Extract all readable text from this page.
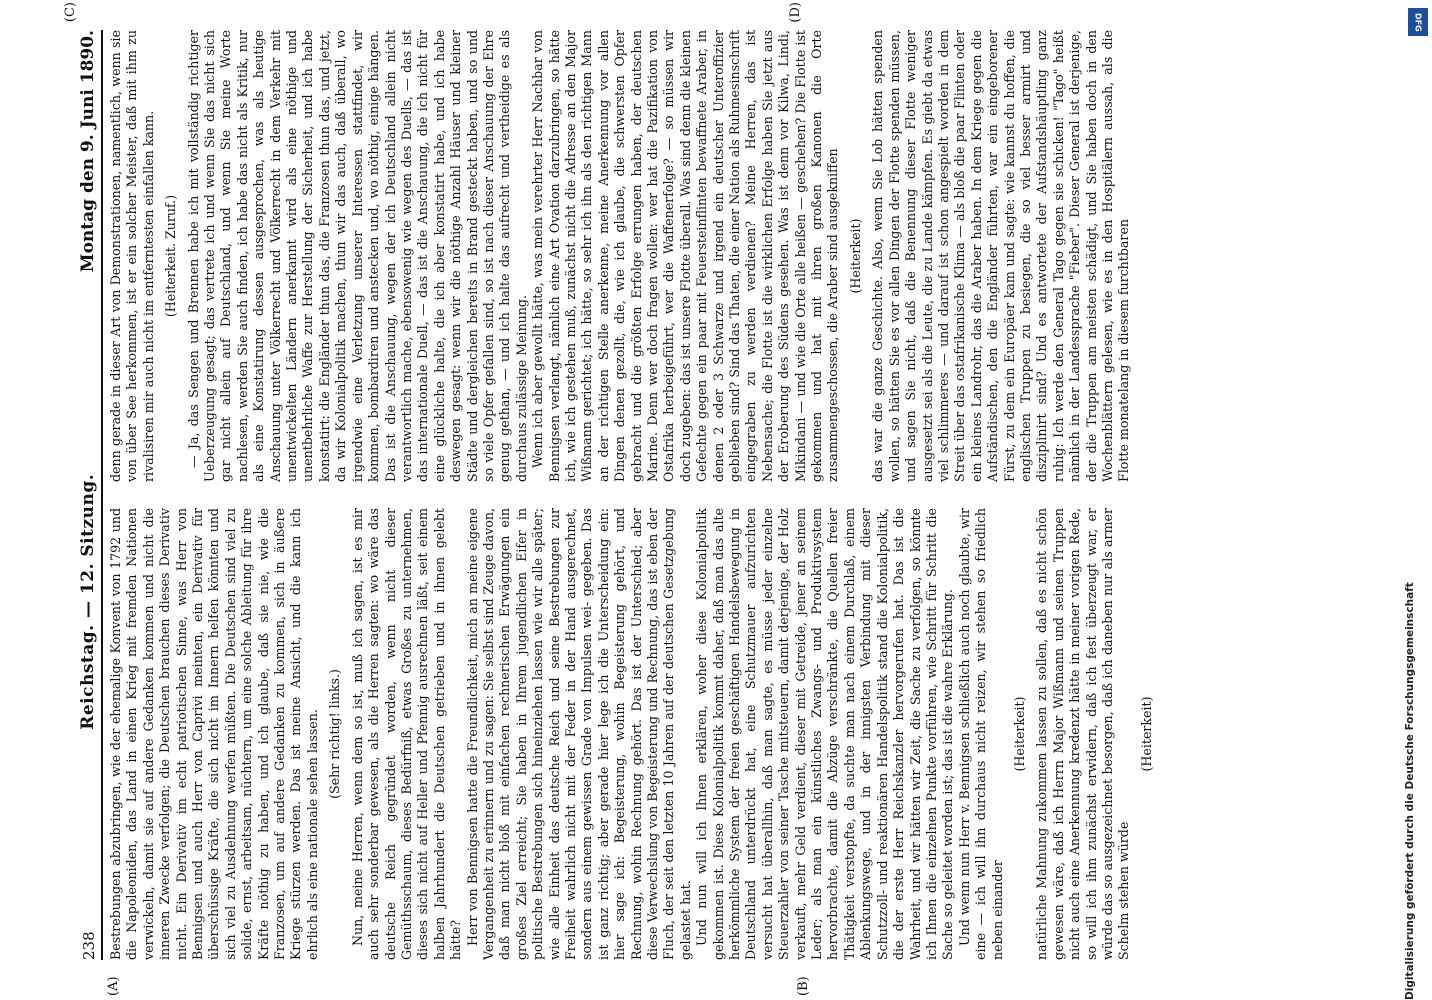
238
Reichstag. — 12. Sitzung.
Montag den 9. Juni 1890.

Bestrebungen abzubringen, wie der ehemalige Konvent von 1792 und die Napoleoniden, das Land in einen Krieg mit fremden Nationen verwickeln, damit sie auf andere Gedanken kommen und nicht die inneren Zwecke verfolgen; die Deutschen brauchen dieses Derivativ nicht. Ein Derivativ im echt patriotischen Sinne, was Herr von Bennigsen und auch Herr von Caprivi meinten, ein Derivativ für überschüssige Kräfte, die sich nicht im Innern helfen könnten und sich viel zu Ausdehnung werfen müßten. Die Deutschen sind viel zu solide, ernst, arbeitsam, nüchtern, um eine solche Ableitung für ihre Kräfte nöthig zu haben, und ich glaube, daß sie nie, wie die Franzosen, um auf andere Gedanken zu kommen, sich in äußere Kriege stürzen werden. Das ist meine Ansicht, und die kann ich ehrlich als eine nationale sehen lassen. (Sehr richtig! links.) Nun, meine Herren, wenn dem so ist, muß ich sagen, ist es mir auch sehr sonderbar gewesen, als die Herren sagten: wo wäre das deutsche Reich gegründet worden, wenn nicht dieser Gemüthsschaum, dieses Bedürfniß, etwas Großes zu unternehmen, dieses sich nicht auf Heller und Pfennig ausrechnen läßt, seit einem halben Jahrhundert die Deutschen getrieben und in ihnen gelebt hätte? Herr von Bennigsen hatte die Freundlichkeit, mich an meine eigene Vergangenheit zu erinnern und zu sagen: Sie selbst sind Zeuge davon, daß man nicht bloß mit einfachen rechnerischen Erwägungen ein großes Ziel erreicht; Sie haben in Ihrem jugendlichen Eifer in politische Bestrebungen sich hineinziehen lassen wie wir alle später; wie alle Einheit das deutsche Reich und seine Bestrebungen zur Freiheit wahrlich nicht mit der Feder in der Hand ausgerechnet, sondern aus einem gewissen Grade von Impulsen wei- gegeben. Das ist ganz richtig; aber gerade hier lege ich die Unterscheidung ein: hier sage ich: Begeisterung, wohin Begeisterung gehört, und Rechnung, wohin Rechnung gehört. Das ist der Unterschied; aber diese Verwechslung von Begeisterung und Rechnung, das ist eben der Fluch, der seit den letzten 10 Jahren auf der deutschen Gesetzgebung gelastet hat. Und nun will ich Ihnen erklären, woher diese Kolonialpolitik gekommen ist. Diese Kolonialpolitik kommt daher, daß man das alte herkömmliche System der freien geschäftigen Handelsbewegung in Deutschland unterdrückt hat, eine Schutzmauer aufzurichten versucht hat überallhin, daß man sagte, es müsse jeder einzelne Steuerzahler von seiner Tasche mitsteuern, damit derjenige, der Holz verkauft, mehr Geld verdient, dieser mit Getreide, jener an seinem Leder; als man ein künstliches Zwangs- und Produktivsystem hervorbrachte, damit die Abzüge verschränkte, die Quellen freier Thätigkeit verstopfte, da suchte man nach einem Durchlaß, einem Ablenkungswege, und in der innigsten Verbindung mit dieser Schutzzoll- und reaktionären Handelspolitik stand die Kolonialpolitik, die der erste Herr Reichskanzler hervorgerufen hat. Das ist die Wahrheit, und wir hätten wir Zeit, die Sache zu verfolgen, so könnte ich Ihnen die einzelnen Punkte vorführen, wie Schritt für Schritt die Sache so geleitet worden ist; das ist die wahre Erklärung. Und wenn nun Herr v. Bennigsen schließlich auch noch glaubte, wir eine — ich will ihn durchaus nicht reizen, wir stehen so friedlich neben einander

(Heiterkeit) natürliche Mahnung zukommen lassen zu sollen, daß es nicht schön gewesen wäre, daß ich Herrn Major Wißmann und seinen Truppen nicht auch eine Anerkennung kredenzt hätte in meiner vorigen Rede, so will ich ihm zunächst erwidern, daß ich fest überzeugt war, er würde das so ausgezeichnet besorgen, daß ich daneben nur als armer Schelm stehen würde

(Heiterkeit)

denn gerade in dieser Art von Demonstrationen, namentlich, wenn sie von über See herkommen, ist er ein solcher Meister, daß mit ihm zu rivalisiren mir auch nicht im entferntesten einfallen kann. (Heiterkeit. Zuruf.) — Ja, das Sengen und Brennen habe ich mit vollständig richtiger Ueberzeugung gesagt; das vertrete ich und wenn Sie das nicht sich gar nicht allein auf Deutschland, und wenn Sie meine Worte nachlesen, werden Sie auch finden, ich habe das nicht als Kritik, nur als eine Konstatirung dessen ausgesprochen, was als heutige Anschauung unter Völkerrecht und Völkerrecht in dem Verkehr mit unentwickelten Ländern anerkannt wird als eine nöthige und unentbehrliche Waffe zur Herstellung der Sicherheit, und ich habe konstatirt: die Engländer thun das, die Franzosen thun das, und jetzt, da wir Kolonialpolitik machen, thun wir das auch, daß überall, wo irgendwie eine Verletzung unserer Interessen stattfindet, wir kommen, bombardiren und anstecken und, wo nöthig, einige hängen. Das ist die Anschauung, wegen der ich Deutschland allein nicht verantwortlich mache, ebensowenig wie wegen des Duells, — das ist das internationale Duell, — das ist die Anschauung, die ich nicht für eine glückliche halte, die ich aber konstatirt habe, und ich habe deswegen gesagt: wenn wir die nöthige Anzahl Häuser und kleiner Städte und dergleichen bereits in Brand gesteckt haben, und so und so viele Opfer gefallen sind, so ist nach dieser Anschauung der Ehre genug gethan, — und ich halte das aufrecht und vertheidige es als durchaus zulässige Meinung. Wenn ich aber gewollt hätte, was mein verehrter Herr Nachbar von Bennigsen verlangt, nämlich eine Art Ovation darzubringen, so hätte ich, wie ich gestehen muß, zunächst nicht die Adresse an den Major Wißmann gerichtet; ich hätte, so sehr ich ihn als den richtigen Mann an der richtigen Stelle anerkenne, meine Anerkennung vor allen Dingen denen gezollt, die, wie ich glaube, die schwersten Opfer gebracht und die größten Erfolge errungen haben, der deutschen Marine. Denn wer doch fragen wollen: wer hat die Pazifikation von Ostafrika herbeigeführt, wer die Waffenerfolge? — so müssen wir doch zugeben: das ist unsere Flotte überall. Was sind denn die kleinen Gefechte gegen ein paar mit Feuersteinflinten bewaffnete Araber, in denen 2 oder 3 Schwarze und irgend ein deutscher Unteroffizier geblieben sind? Sind das Thaten, die einer Nation als Ruhmesinschrift eingegraben zu werden verdienen? Meine Herren, das ist Nebensache; die Flotte ist die wirklichen Erfolge haben Sie jetzt aus der Eroberung des Südens gesehen. Was ist denn vor Kilwa, Lindi, Mikindani — und wie die Orte alle heißen — geschehen? Die Flotte ist gekommen und hat mit ihren großen Kanonen die Orte zusammengeschossen, die Araber sind ausgekniffen (Heiterkeit) das war die ganze Geschichte. Also, wenn Sie Lob hätten spenden wollen, so hätten Sie es vor allen Dingen der Flotte spenden müssen, und sagen Sie nicht, daß die Benennung dieser Flotte weniger ausgesetzt sei als die Leute, die zu Lande kämpfen. Es giebt da etwas viel schlimmeres — und darauf ist schon angespielt worden in dem Streit über das ostafrikanische Klima — als bloß die paar Flinten oder ein kleines Landrohr, das die Araber haben. In dem Kriege gegen die Aufständischen, den die Engländer führten, war ein eingeborener Fürst, zu dem ein Europäer kam und sagte: wie kannst du hoffen, die englischen Truppen zu besiegen, die so viel besser armirt und disziplinirt sind? Und es antwortete der Aufstandshäuptling ganz ruhig: Ich werde den General Tago gegen sie schicken! "Tago" heißt nämlich in der Landessprache "Fieber". Dieser General ist derjenige, der die Truppen am meisten schädigt, und Sie haben doch in den Wochenblättern gelesen, wie es in den Hospitälern aussah, als die Flotte monatelang in diesem furchtbaren

(A)	(B)
(C)	(D)
Digitalisierung gefördert durch die Deutsche Forschungsgemeinschaft
DFG
